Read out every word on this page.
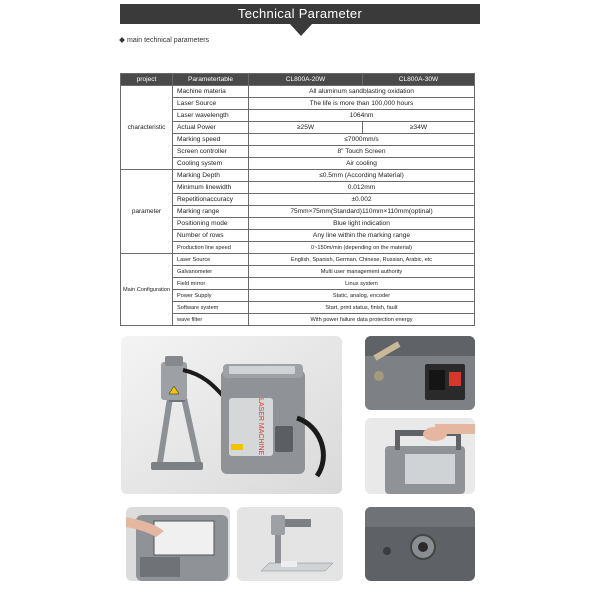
Technical Parameter
main technical parameters
project	Parametertable	CL800A-20W	CL800A-30W
characteristic	Machine materia	All aluminum sandblasting oxidation	
	Laser Source	The life is more than 100,000 hours	
	Laser wavelength	1064nm	
	Actual Power	≥25W	≥34W
	Marking speed	≤7000mm/s	
	Screen controller	8" Touch Screen	
	Cooling system	Air cooling	
parameter	Marking Depth	≤0.5mm (According Material)	
	Minimum linewidth	0.012mm	
	Repetitionaccuracy	±0.002	
	Marking range	75mm×75mm(Standard)110mm×110mm(optinal)	
	Positioning mode	Blue light indication	
	Number of rows	Any line within the marking range	
	Production line speed	0~150m/min (depending on the material)	
Main Configuration	Laser Source	English, Spanish, German, Chinese, Russian, Arabic, etc	
	Galvanometer	Multi user management authority	
	Field mirror	Linux system	
	Power Supply	Static, analog, encoder	
	Software system	Start, print status, finish, fault	
	wave filter	With power failure data protection energy	
LASER MACHINE
